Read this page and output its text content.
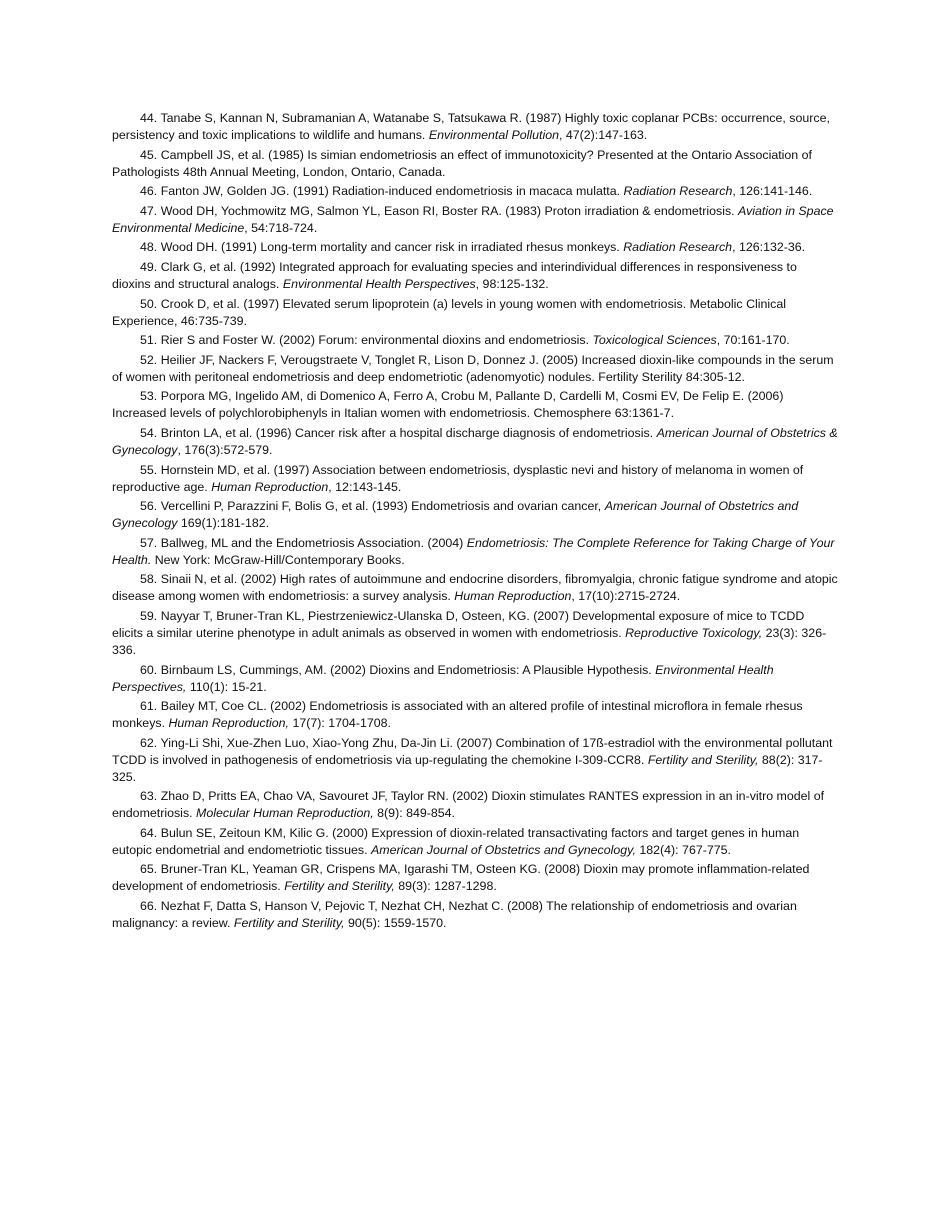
44. Tanabe S, Kannan N, Subramanian A, Watanabe S, Tatsukawa R. (1987) Highly toxic coplanar PCBs: occurrence, source, persistency and toxic implications to wildlife and humans. Environmental Pollution, 47(2):147-163.

45. Campbell JS, et al. (1985) Is simian endometriosis an effect of immunotoxicity? Presented at the Ontario Association of Pathologists 48th Annual Meeting, London, Ontario, Canada.

46. Fanton JW, Golden JG. (1991) Radiation-induced endometriosis in macaca mulatta. Radiation Research, 126:141-146.

47. Wood DH, Yochmowitz MG, Salmon YL, Eason RI, Boster RA. (1983) Proton irradiation & endometriosis. Aviation in Space Environmental Medicine, 54:718-724.

48. Wood DH. (1991) Long-term mortality and cancer risk in irradiated rhesus monkeys. Radiation Research, 126:132-36.

49. Clark G, et al. (1992) Integrated approach for evaluating species and interindividual differences in responsiveness to dioxins and structural analogs. Environmental Health Perspectives, 98:125-132.

50. Crook D, et al. (1997) Elevated serum lipoprotein (a) levels in young women with endometriosis. Metabolic Clinical Experience, 46:735-739.

51. Rier S and Foster W. (2002) Forum: environmental dioxins and endometriosis. Toxicological Sciences, 70:161-170.

52. Heilier JF, Nackers F, Verougstraete V, Tonglet R, Lison D, Donnez J. (2005) Increased dioxin-like compounds in the serum of women with peritoneal endometriosis and deep endometriotic (adenomyotic) nodules. Fertility Sterility 84:305-12.

53. Porpora MG, Ingelido AM, di Domenico A, Ferro A, Crobu M, Pallante D, Cardelli M, Cosmi EV, De Felip E. (2006) Increased levels of polychlorobiphenyls in Italian women with endometriosis. Chemosphere 63:1361-7.

54. Brinton LA, et al. (1996) Cancer risk after a hospital discharge diagnosis of endometriosis. American Journal of Obstetrics & Gynecology, 176(3):572-579.

55. Hornstein MD, et al. (1997) Association between endometriosis, dysplastic nevi and history of melanoma in women of reproductive age. Human Reproduction, 12:143-145.

56. Vercellini P, Parazzini F, Bolis G, et al. (1993) Endometriosis and ovarian cancer, American Journal of Obstetrics and Gynecology 169(1):181-182.

57. Ballweg, ML and the Endometriosis Association. (2004) Endometriosis: The Complete Reference for Taking Charge of Your Health. New York: McGraw-Hill/Contemporary Books.

58. Sinaii N, et al. (2002) High rates of autoimmune and endocrine disorders, fibromyalgia, chronic fatigue syndrome and atopic disease among women with endometriosis: a survey analysis. Human Reproduction, 17(10):2715-2724.

59. Nayyar T, Bruner-Tran KL, Piestrzeniewicz-Ulanska D, Osteen, KG. (2007) Developmental exposure of mice to TCDD elicits a similar uterine phenotype in adult animals as observed in women with endometriosis. Reproductive Toxicology, 23(3): 326-336.

60. Birnbaum LS, Cummings, AM. (2002) Dioxins and Endometriosis: A Plausible Hypothesis. Environmental Health Perspectives, 110(1): 15-21.

61. Bailey MT, Coe CL. (2002) Endometriosis is associated with an altered profile of intestinal microflora in female rhesus monkeys. Human Reproduction, 17(7): 1704-1708.

62. Ying-Li Shi, Xue-Zhen Luo, Xiao-Yong Zhu, Da-Jin Li. (2007) Combination of 17ß-estradiol with the environmental pollutant TCDD is involved in pathogenesis of endometriosis via up-regulating the chemokine I-309-CCR8. Fertility and Sterility, 88(2): 317-325.

63. Zhao D, Pritts EA, Chao VA, Savouret JF, Taylor RN. (2002) Dioxin stimulates RANTES expression in an in-vitro model of endometriosis. Molecular Human Reproduction, 8(9): 849-854.

64. Bulun SE, Zeitoun KM, Kilic G. (2000) Expression of dioxin-related transactivating factors and target genes in human eutopic endometrial and endometriotic tissues. American Journal of Obstetrics and Gynecology, 182(4): 767-775.

65. Bruner-Tran KL, Yeaman GR, Crispens MA, Igarashi TM, Osteen KG. (2008) Dioxin may promote inflammation-related development of endometriosis. Fertility and Sterility, 89(3): 1287-1298.

66. Nezhat F, Datta S, Hanson V, Pejovic T, Nezhat CH, Nezhat C. (2008) The relationship of endometriosis and ovarian malignancy: a review. Fertility and Sterility, 90(5): 1559-1570.
